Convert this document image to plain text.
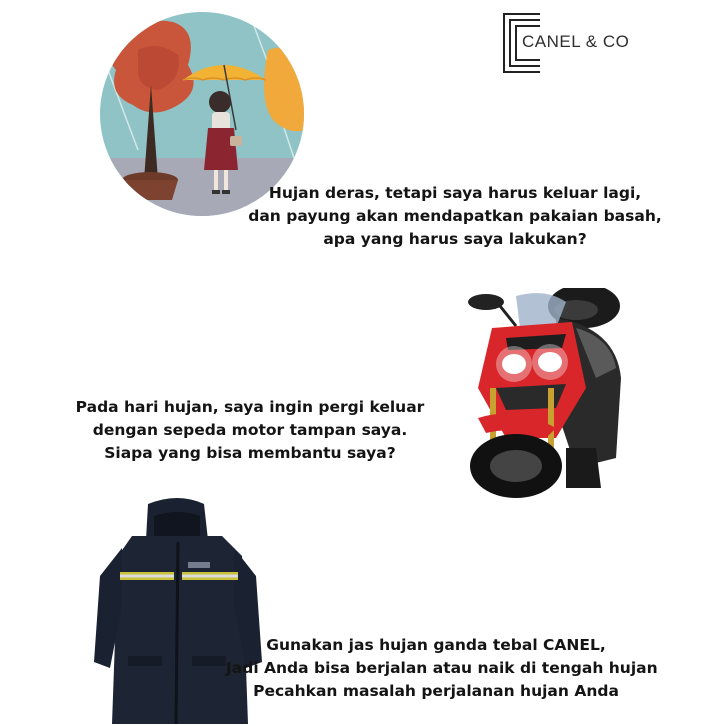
CANEL & CO
Hujan deras, tetapi saya harus keluar lagi,
dan payung akan mendapatkan pakaian basah,
apa yang harus saya lakukan?
Pada hari hujan, saya ingin pergi keluar
dengan sepeda motor tampan saya.
Siapa yang bisa membantu saya?
Gunakan jas hujan ganda tebal CANEL,
Jadi Anda bisa berjalan atau naik di tengah hujan
Pecahkan masalah perjalanan hujan Anda
